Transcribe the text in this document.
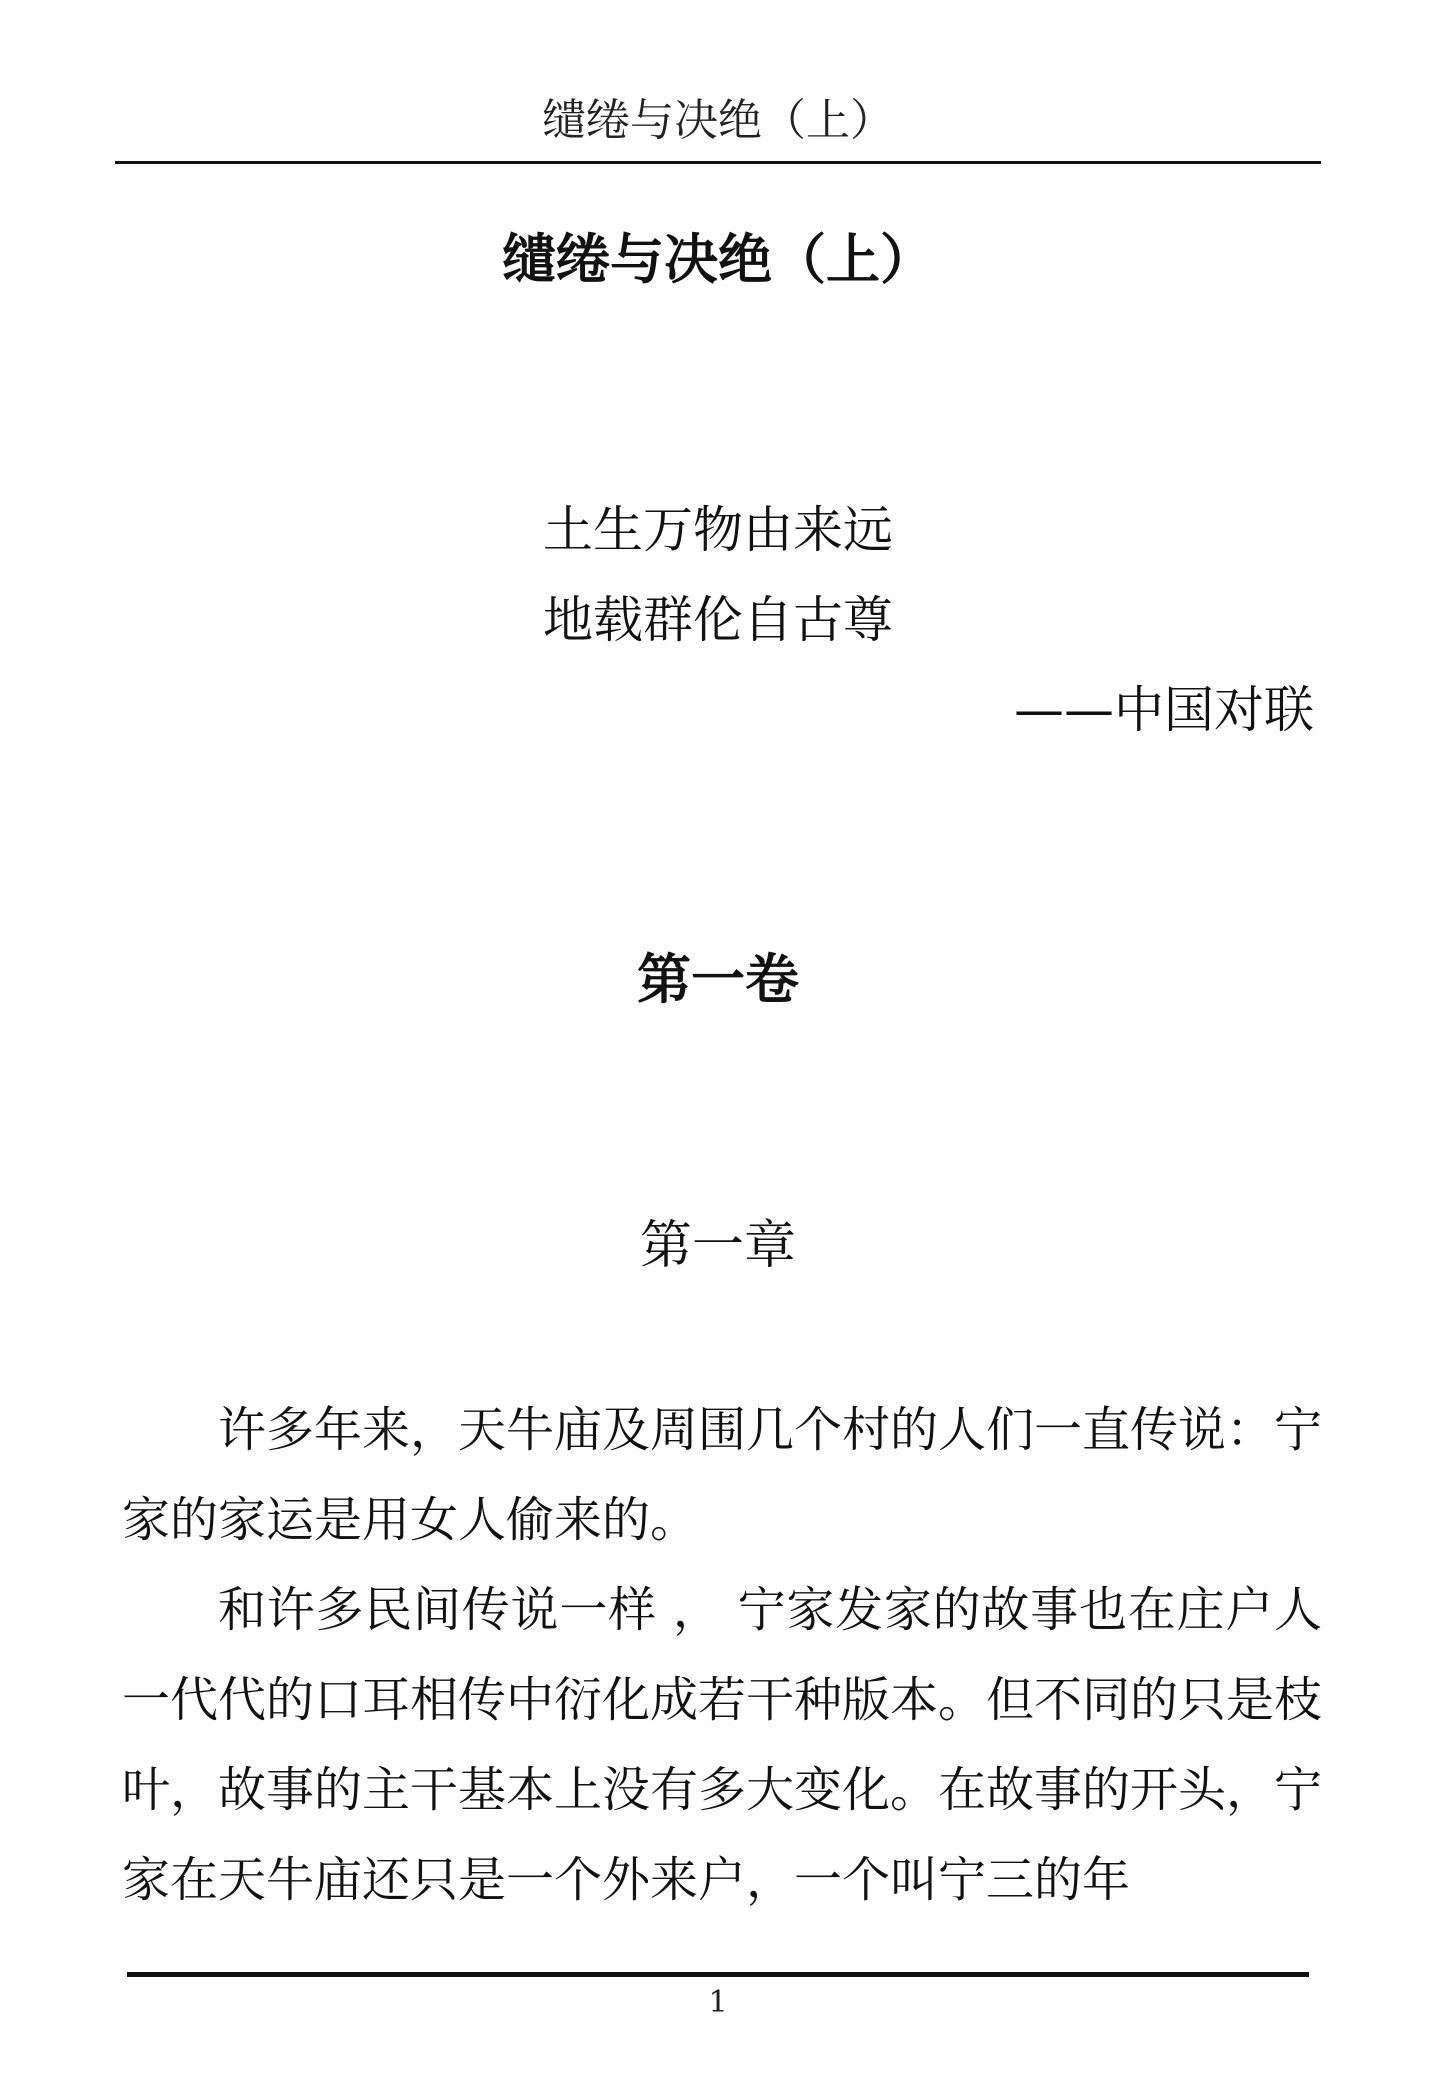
缱绻与决绝（上）
缱绻与决绝（上）
土生万物由来远
地载群伦自古尊
——中国对联
第一卷
第一章

许多年来，天牛庙及周围几个村的人们一直传说：宁家的家运是用女人偷来的。

和许多民间传说一样 ， 宁家发家的故事也在庄户人一代代的口耳相传中衍化成若干种版本。但不同的只是枝叶，故事的主干基本上没有多大变化。在故事的开头，宁家在天牛庙还只是一个外来户，一个叫宁三的年

1
